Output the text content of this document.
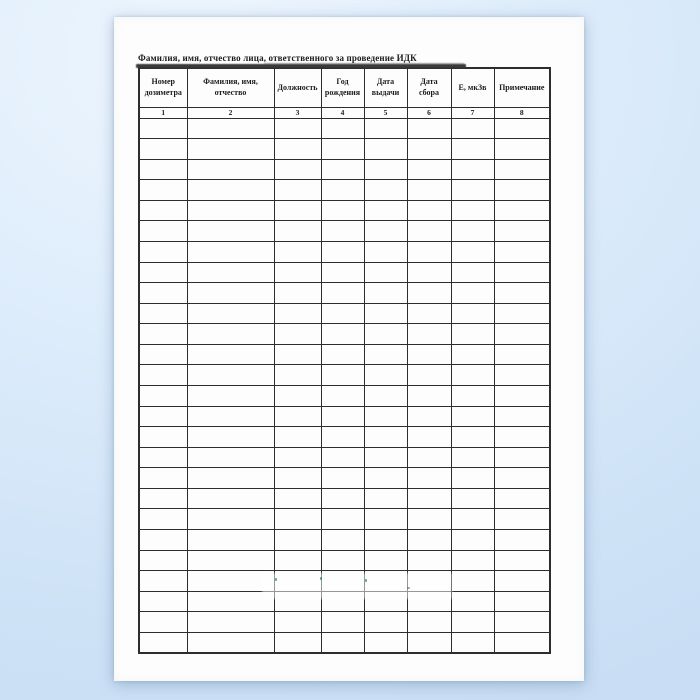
Фамилия, имя, отчество лица, ответственного за проведение ИДК
Номер дозиметра	Фамилия, имя, отчество	Должность	Год рождения	Дата выдачи	Дата сбора	Е, мкЗв	Примечание
1	2	3	4	5	6	7	8
